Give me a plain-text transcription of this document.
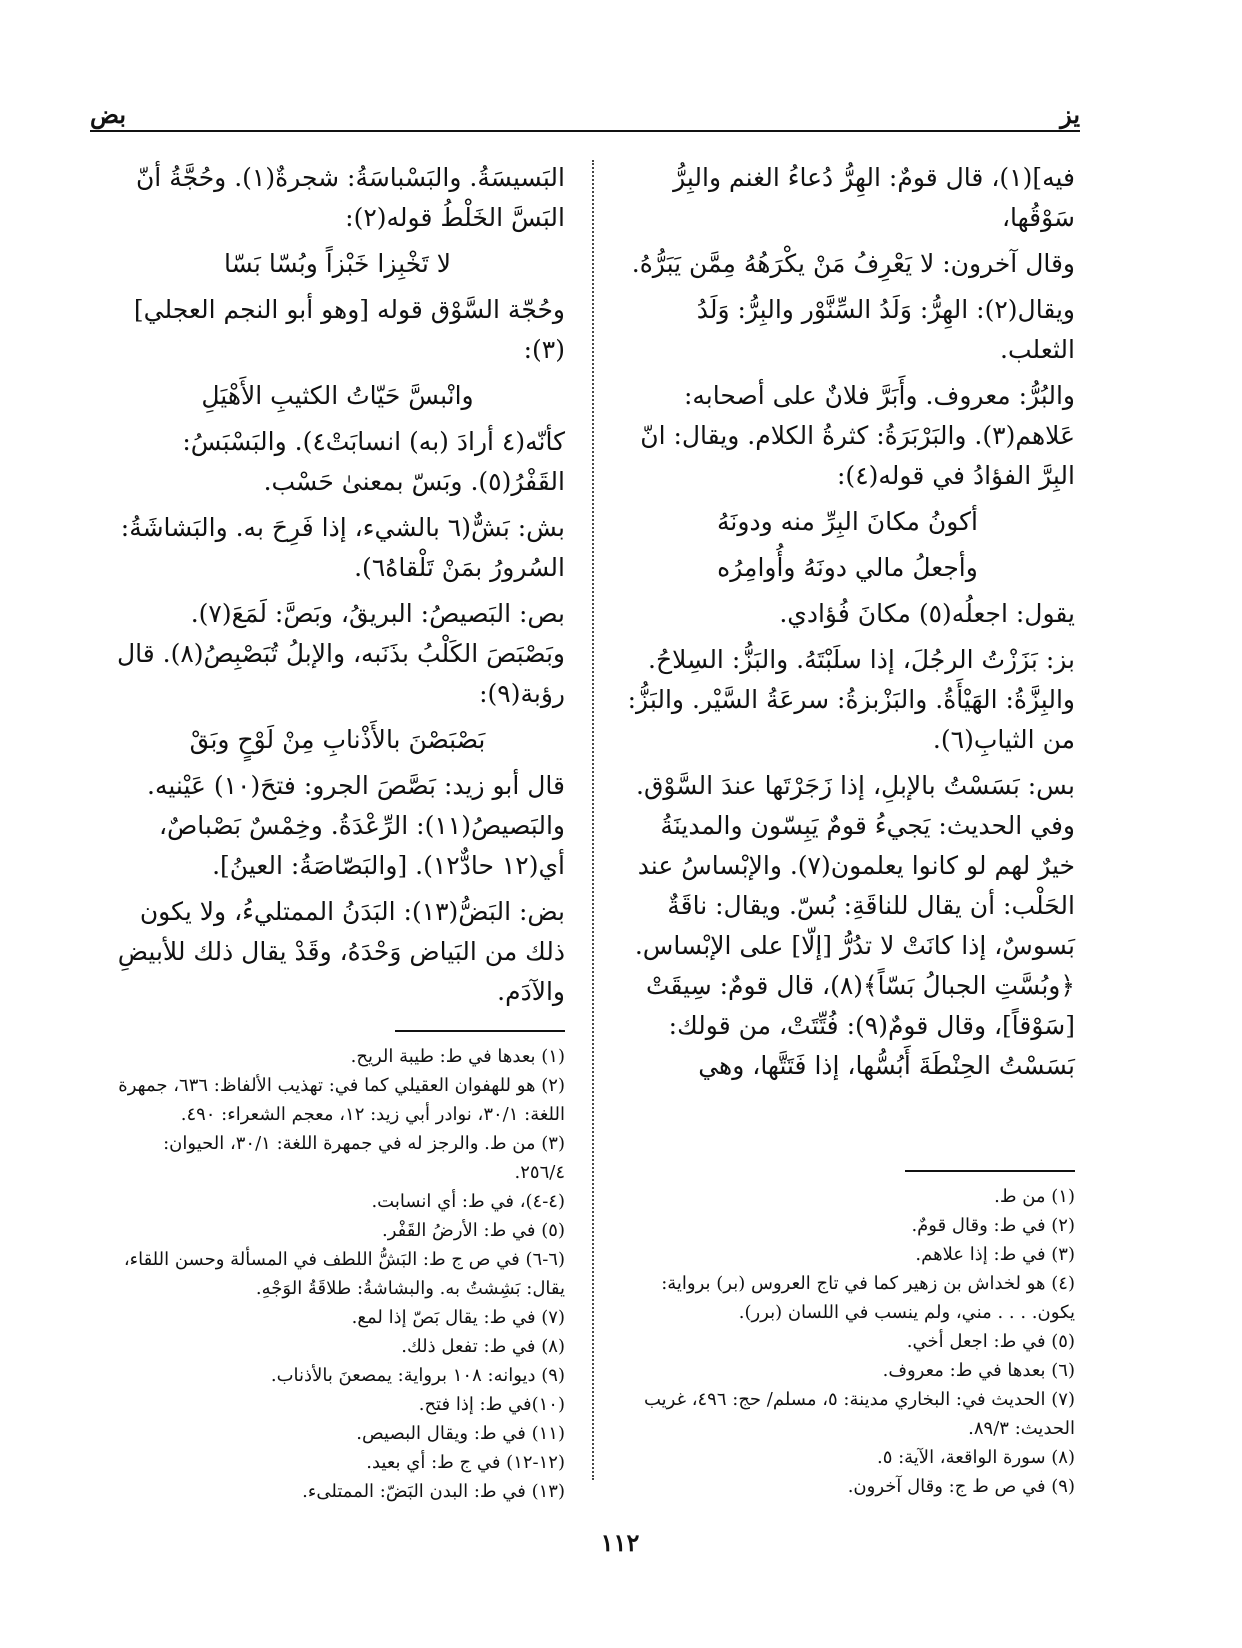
يز
بض

فيه](١)، قال قومٌ: الهِرُّ دُعاءُ الغنم والبِرُّ سَوْقُها،

وقال آخرون: لا يَعْرِفُ مَنْ يكْرَهُهُ مِمَّن يَبَرُّهُ.

ويقال(٢): الهِرُّ: وَلَدُ السِّنَّوْر والبِرُّ: وَلَدُ الثعلب.

والبُرُّ: معروف. وأَبَرَّ فلانٌ على أصحابه: عَلاهم(٣). والبَرْبَرَةُ: كثرةُ الكلام. ويقال: انّ البِرَّ الفؤادُ في قوله(٤):

أكونُ مكانَ البِرِّ منه ودونَهُ

وأجعلُ مالي دونَهُ وأُوامِرُه

يقول: اجعلُه(٥) مكانَ فُؤادي.

بز: بَزَزْتُ الرجُلَ، إذا سلَبْتَهُ. والبَزُّ: السِلاحُ. والبِزَّةُ: الهَيْأَةُ. والبَزْبزةُ: سرعَةُ السَّيْر. والبَزُّ: من الثيابِ(٦).

بس: بَسَسْتُ بالإبلِ، إذا زَجَرْتَها عندَ السَّوْق. وفي الحديث: يَجيءُ قومٌ يَبِسّون والمدينَةُ خيرٌ لهم لو كانوا يعلمون(٧). والإبْساسُ عند الحَلْب: أن يقال للناقَةِ: بُسّ. ويقال: ناقَةٌ بَسوسٌ، إذا كانَتْ لا تدُرُّ [إلّا] على الإبْساس. ﴿وبُسَّتِ الجبالُ بَسّاً﴾(٨)، قال قومٌ: سِيقَتْ [سَوْقاً]، وقال قومٌ(٩): فُتِّتَتْ، من قولك: بَسَسْتُ الحِنْطَةَ أَبُسُّها، إذا فَتَتَّها، وهي

(١) من ط.
(٢) في ط: وقال قومٌ.
(٣) في ط: إذا علاهم.
(٤) هو لخداش بن زهير كما في تاج العروس (بر) برواية: يكون. . . . مني، ولم ينسب في اللسان (برر).
(٥) في ط: اجعل أخي.
(٦) بعدها في ط: معروف.
(٧) الحديث في: البخاري مدينة: ٥، مسلم/ حج: ٤٩٦، غريب الحديث: ٨٩/٣.
(٨) سورة الواقعة، الآية: ٥.
(٩) في ص ط ج: وقال آخرون.

البَسيسَةُ. والبَسْباسَةُ: شجرةٌ(١). وحُجَّةُ أنّ البَسَّ الخَلْطُ قوله(٢):

لا تَخْبِزا خَبْزاً وبُسّا بَسّا

وحُجّة السَّوْق قوله [وهو أبو النجم العجلي](٣):

وانْبسَّ حَيّاتُ الكثيبِ الأَهْيَلِ

كأنّه(٤ أرادَ (به) انسابَتْ٤). والبَسْبَسُ: القَفْرُ(٥). وبَسّ بمعنىٰ حَسْب.

بش: بَشٌّ(٦ بالشيء، إذا فَرِحَ به. والبَشاشَةُ: السُرورُ بمَنْ تَلْقاهُ٦).

بص: البَصيصُ: البريقُ، وبَصَّ: لَمَعَ(٧). وبَصْبَصَ الكَلْبُ بذَنَبه، والإبلُ تُبَصْبِصُ(٨). قال رؤبة(٩):

بَصْبَصْنَ بالأَذْنابِ مِنْ لَوْحٍ وبَقْ

قال أبو زيد: بَصَّصَ الجرو: فتحَ(١٠) عَيْنيه. والبَصيصُ(١١): الرِّعْدَةُ. وخِمْسٌ بَصْباصٌ، أي(١٢ حادٌّ١٢). [والبَصّاصَةُ: العينُ].

بض: البَضُّ(١٣): البَدَنُ الممتليءُ، ولا يكون ذلك من البَياض وَحْدَهُ، وقَدْ يقال ذلك للأبيضِ والآدَم.

(١) بعدها في ط: طيبة الريح.
(٢) هو للهفوان العقيلي كما في: تهذيب الألفاظ: ٦٣٦، جمهرة اللغة: ٣٠/١، نوادر أبي زيد: ١٢، معجم الشعراء: ٤٩٠.
(٣) من ط. والرجز له في جمهرة اللغة: ٣٠/١، الحيوان: ٢٥٦/٤.
(٤-٤)، في ط: أي انسابت.
(٥) في ط: الأرضُ القَفْر.
(٦-٦) في ص ج ط: البَشُّ اللطف في المسألة وحسن اللقاء، يقال: بَشِشتُ به. والبشاشةُ: طلاقَةُ الوَجْهِ.
(٧) في ط: يقال بَصّ إذا لمع.
(٨) في ط: تفعل ذلك.
(٩) ديوانه: ١٠٨ برواية: يمصعنَ بالأذناب.
(١٠)في ط: إذا فتح.
(١١) في ط: ويقال البصيص.
(١٢-١٢) في ج ط: أي بعيد.
(١٣) في ط: البدن البَضّ: الممتلىء.
١١٢
